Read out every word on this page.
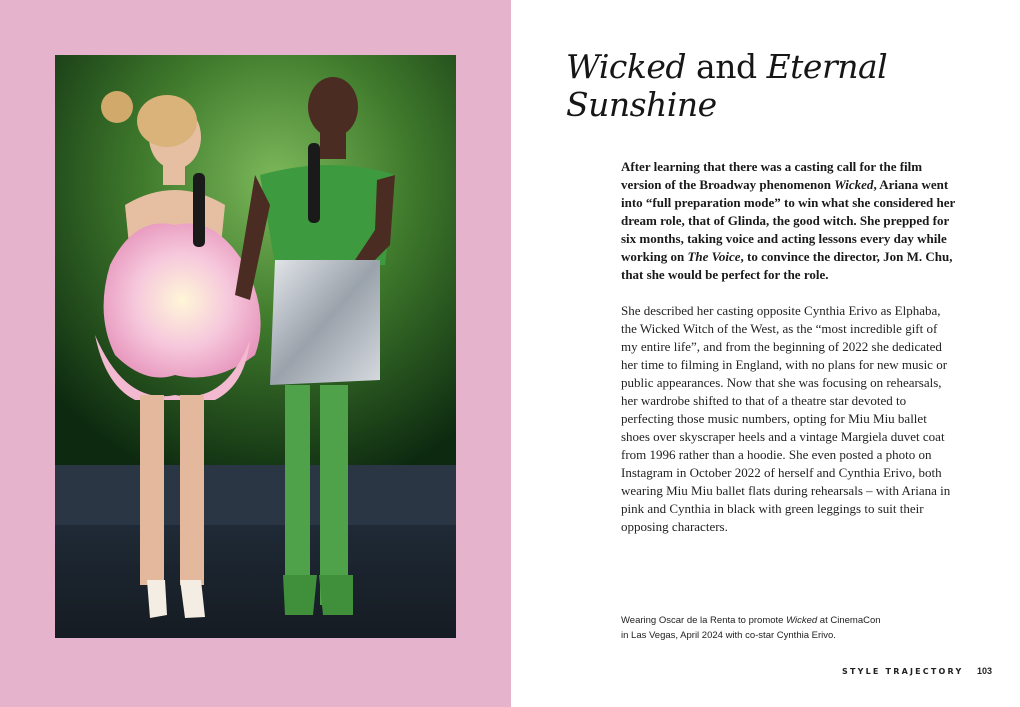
Wicked and Eternal Sunshine

After learning that there was a casting call for the film version of the Broadway phenomenon Wicked, Ariana went into “full preparation mode” to win what she considered her dream role, that of Glinda, the good witch. She prepped for six months, taking voice and acting lessons every day while working on The Voice, to convince the director, Jon M. Chu, that she would be perfect for the role.

She described her casting opposite Cynthia Erivo as Elphaba, the Wicked Witch of the West, as the “most incredible gift of my entire life”, and from the beginning of 2022 she dedicated her time to filming in England, with no plans for new music or public appearances. Now that she was focusing on rehearsals, her wardrobe shifted to that of a theatre star devoted to perfecting those music numbers, opting for Miu Miu ballet shoes over skyscraper heels and a vintage Margiela duvet coat from 1996 rather than a hoodie. She even posted a photo on Instagram in October 2022 of herself and Cynthia Erivo, both wearing Miu Miu ballet flats during rehearsals – with Ariana in pink and Cynthia in black with green leggings to suit their opposing characters.

Wearing Oscar de la Renta to promote Wicked at CinemaCon

in Las Vegas, April 2024 with co-star Cynthia Erivo.

STYLE TRAJECTORY 103
